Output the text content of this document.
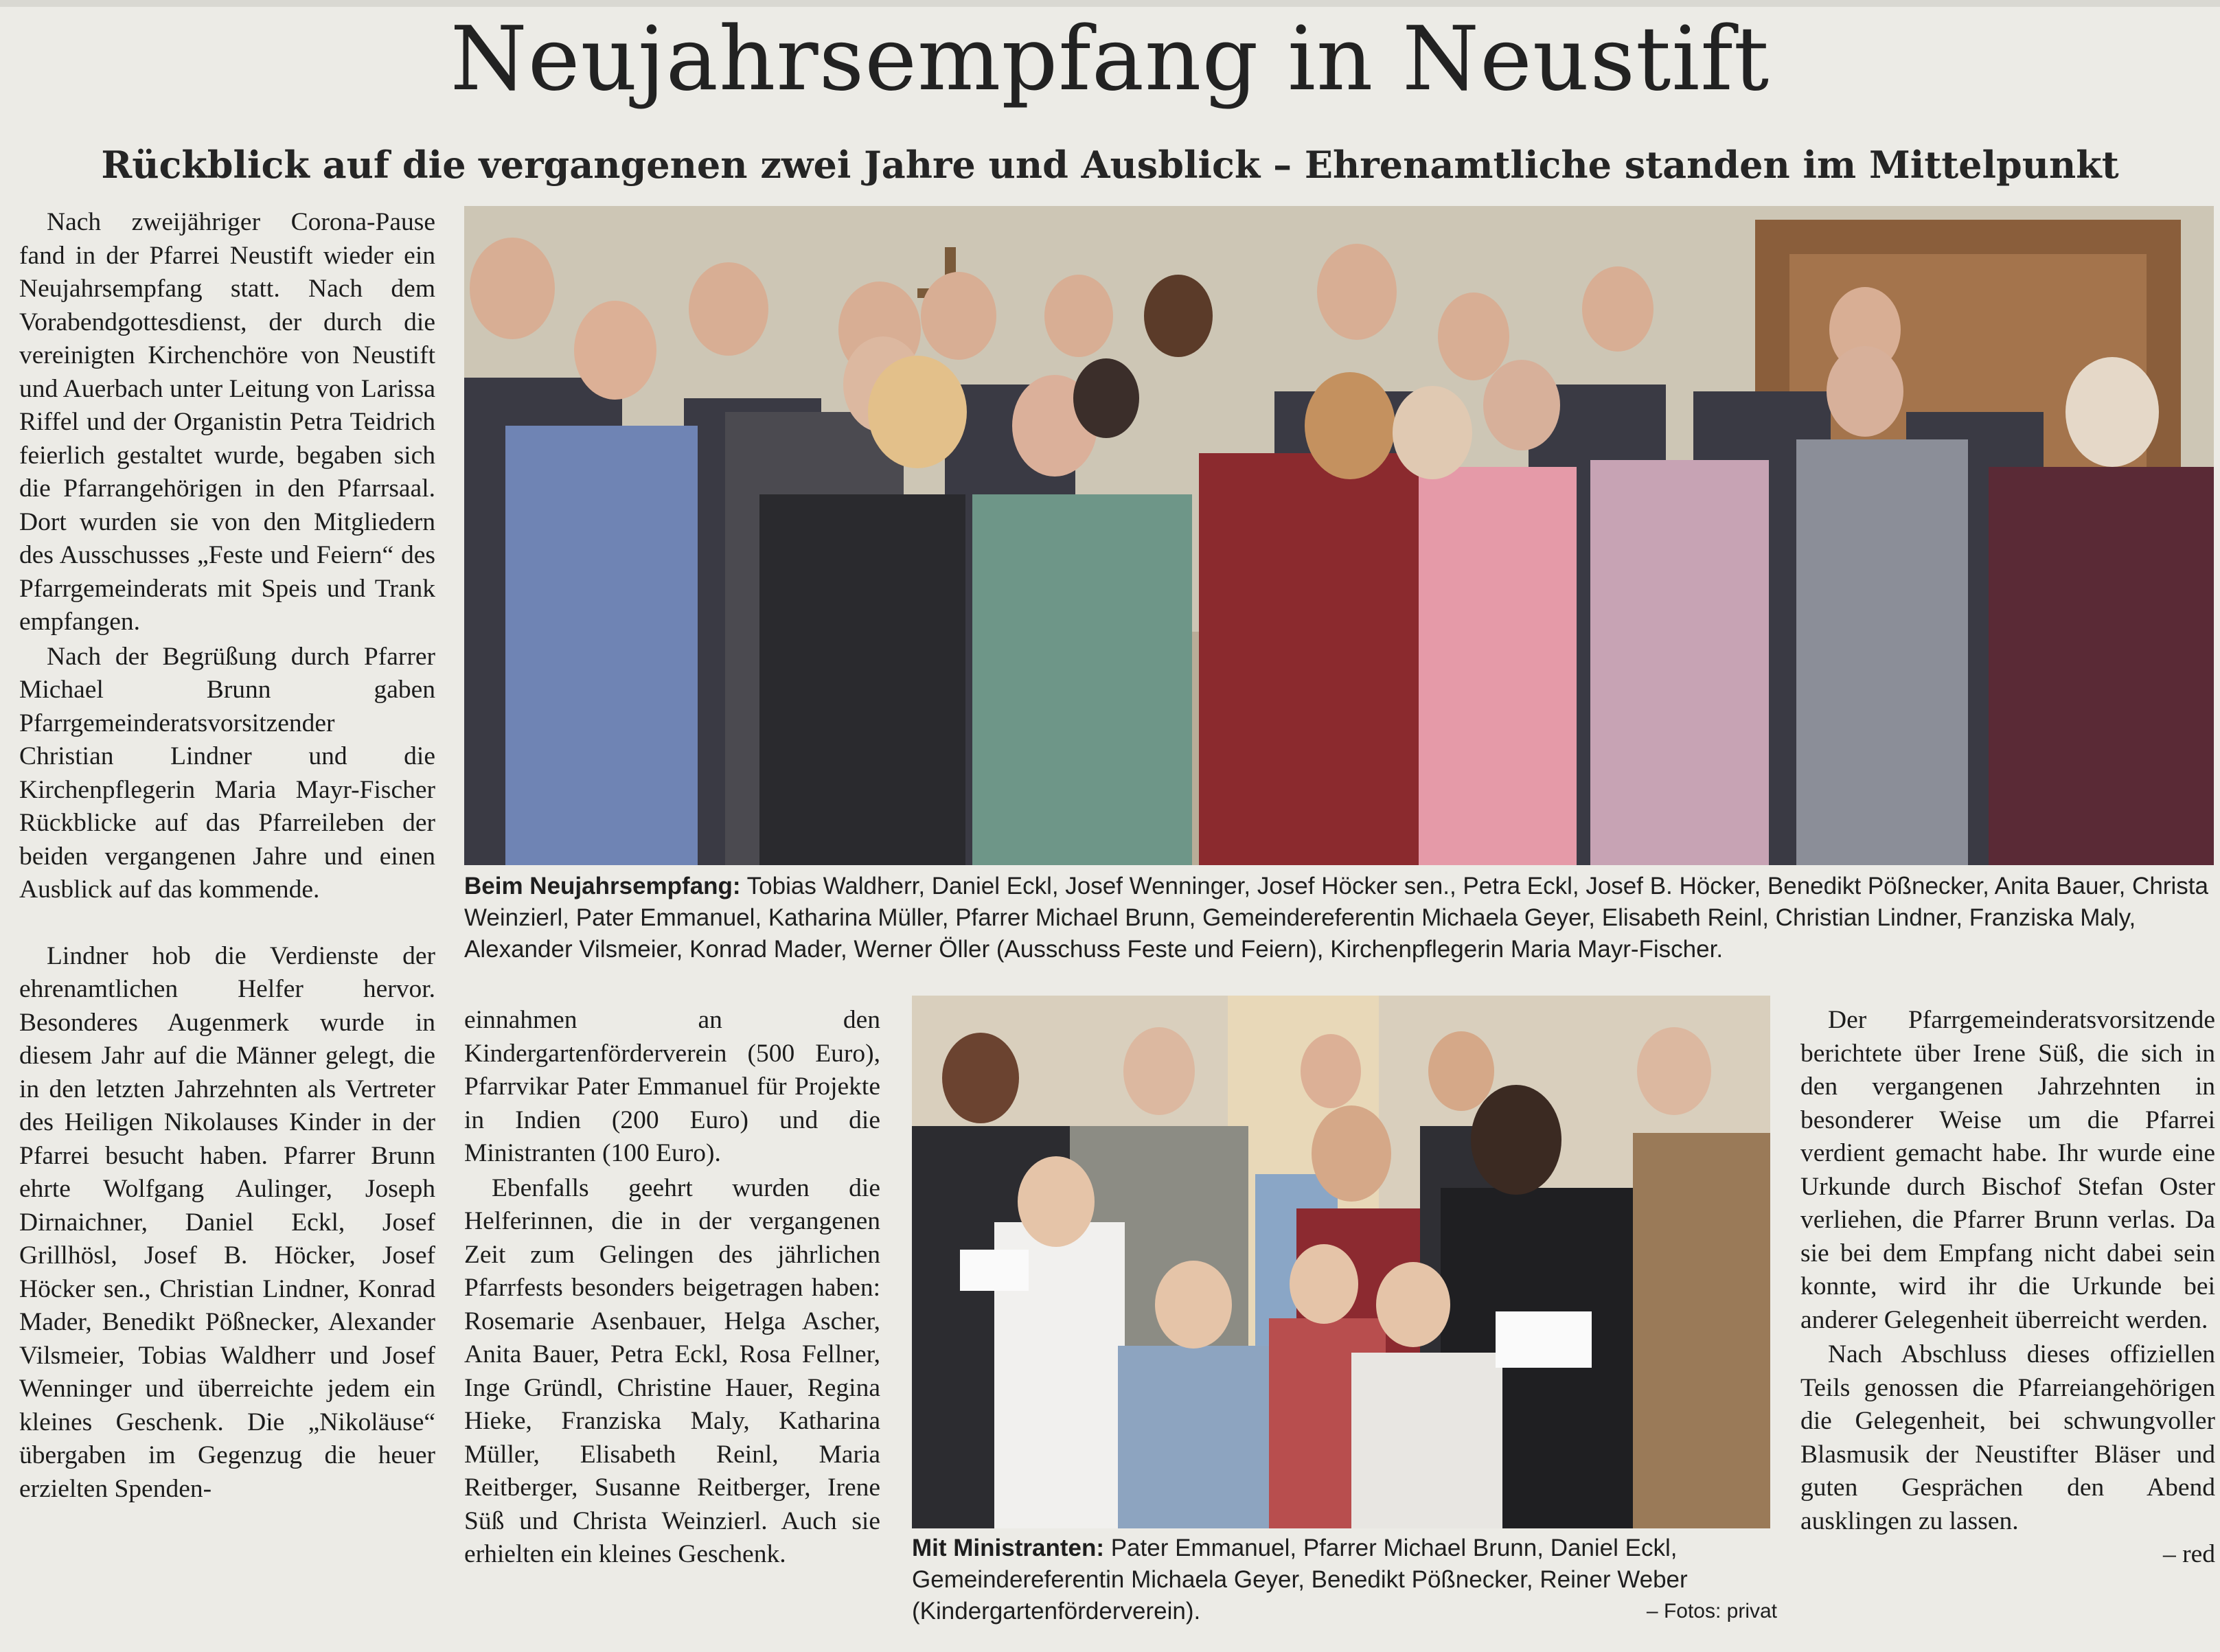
Neujahrsempfang in Neustift
Rückblick auf die vergangenen zwei Jahre und Ausblick – Ehrenamtliche standen im Mittelpunkt

Nach zweijähriger Corona-Pause fand in der Pfarrei Neustift wieder ein Neujahrsempfang statt. Nach dem Vorabendgottesdienst, der durch die vereinigten Kirchenchöre von Neustift und Auerbach unter Leitung von Larissa Riffel und der Organistin Petra Teidrich feierlich gestaltet wurde, begaben sich die Pfarrangehörigen in den Pfarrsaal. Dort wurden sie von den Mitgliedern des Ausschusses „Feste und Feiern“ des Pfarrgemeinderats mit Speis und Trank empfangen.

Nach der Begrüßung durch Pfarrer Michael Brunn gaben Pfarrgemeinderatsvorsitzender Christian Lindner und die Kirchenpflegerin Maria Mayr-Fischer Rückblicke auf das Pfarreileben der beiden vergangenen Jahre und einen Ausblick auf das kommende.

Lindner hob die Verdienste der ehrenamtlichen Helfer hervor. Besonderes Augenmerk wurde in diesem Jahr auf die Männer gelegt, die in den letzten Jahrzehnten als Vertreter des Heiligen Nikolauses Kinder in der Pfarrei besucht haben. Pfarrer Brunn ehrte Wolfgang Aulinger, Joseph Dirnaichner, Daniel Eckl, Josef Grillhösl, Josef B. Höcker, Josef Höcker sen., Christian Lindner, Konrad Mader, Benedikt Pößnecker, Alexander Vilsmeier, Tobias Waldherr und Josef Wenninger und überreichte jedem ein kleines Geschenk. Die „Nikoläuse“ übergaben im Gegenzug die heuer erzielten Spenden-

Beim Neujahrsempfang: Tobias Waldherr, Daniel Eckl, Josef Wenninger, Josef Höcker sen., Petra Eckl, Josef B. Höcker, Benedikt Pößnecker, Anita Bauer, Christa Weinzierl, Pater Emmanuel, Katharina Müller, Pfarrer Michael Brunn, Gemeindereferentin Michaela Geyer, Elisabeth Reinl, Christian Lindner, Franziska Maly, Alexander Vilsmeier, Konrad Mader, Werner Öller (Ausschuss Feste und Feiern), Kirchenpflegerin Maria Mayr-Fischer.

einnahmen an den Kindergartenförderverein (500 Euro), Pfarrvikar Pater Emmanuel für Projekte in Indien (200 Euro) und die Ministranten (100 Euro).

Ebenfalls geehrt wurden die Helferinnen, die in der vergangenen Zeit zum Gelingen des jährlichen Pfarrfests besonders beigetragen haben: Rosemarie Asenbauer, Helga Ascher, Anita Bauer, Petra Eckl, Rosa Fellner, Inge Gründl, Christine Hauer, Regina Hieke, Franziska Maly, Katharina Müller, Elisabeth Reinl, Maria Reitberger, Susanne Reitberger, Irene Süß und Christa Weinzierl. Auch sie erhielten ein kleines Geschenk.	Mit Ministranten: Pater Emmanuel, Pfarrer Michael Brunn, Daniel Eckl, Gemeindereferentin Michaela Geyer, Benedikt Pößnecker, Reiner Weber (Kindergartenförderverein).	– Fotos: privat

Der Pfarrgemeinderatsvorsitzende berichtete über Irene Süß, die sich in den vergangenen Jahrzehnten in besonderer Weise um die Pfarrei verdient gemacht habe. Ihr wurde eine Urkunde durch Bischof Stefan Oster verliehen, die Pfarrer Brunn verlas. Da sie bei dem Empfang nicht dabei sein konnte, wird ihr die Urkunde bei anderer Gelegenheit überreicht werden.

Nach Abschluss dieses offiziellen Teils genossen die Pfarreiangehörigen die Gelegenheit, bei schwungvoller Blasmusik der Neustifter Bläser und guten Gesprächen den Abend ausklingen zu lassen.

– red
